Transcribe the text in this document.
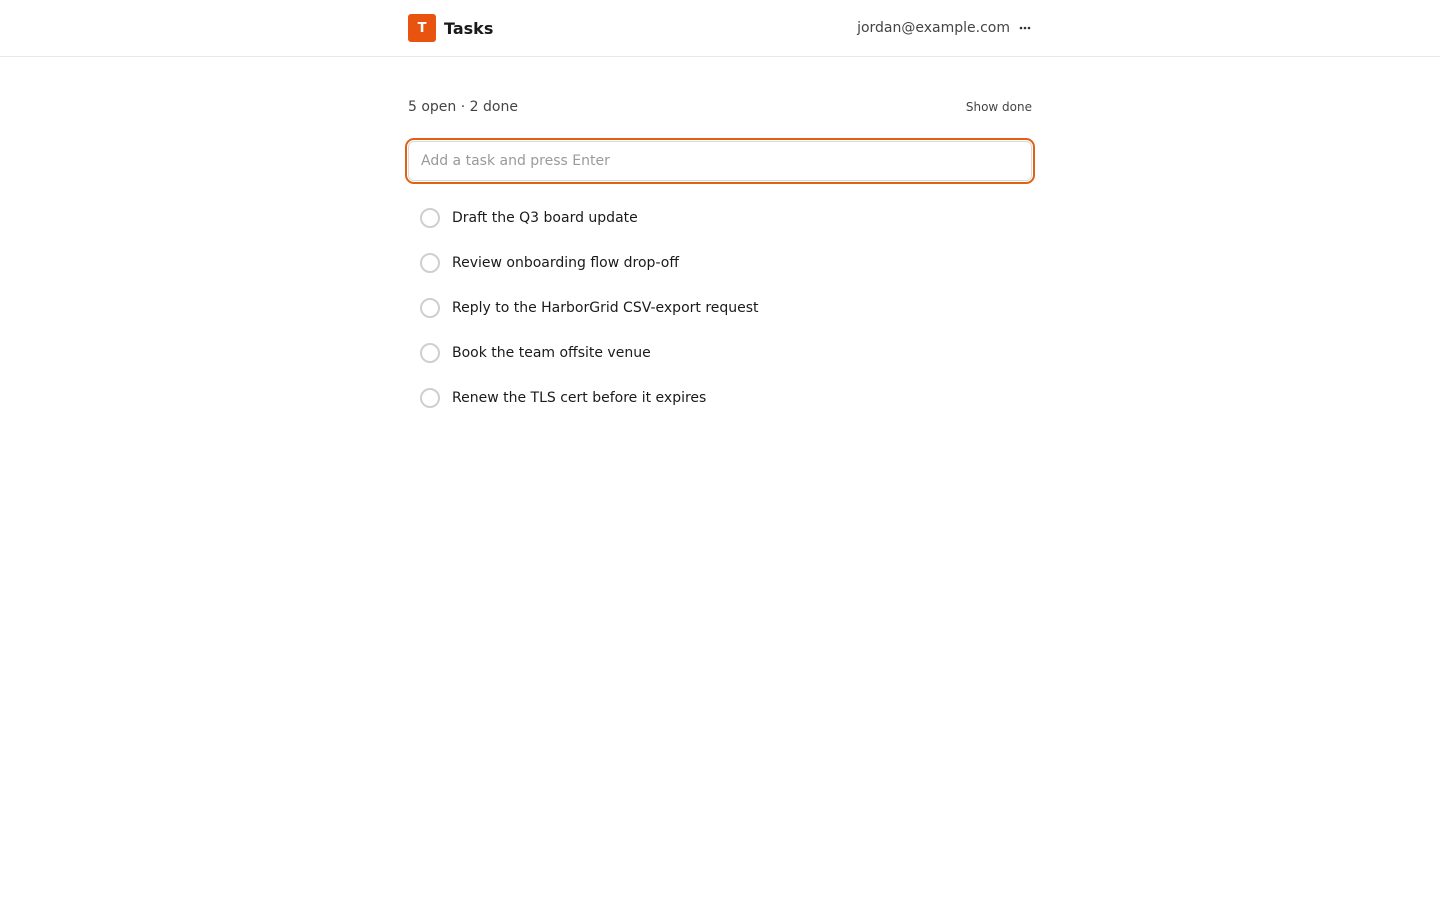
T	Tasks	jordan@example.com
5 open · 2 done	Show done
Add a task and press Enter
Draft the Q3 board update
Review onboarding flow drop-off
Reply to the HarborGrid CSV-export request
Book the team offsite venue
Renew the TLS cert before it expires
